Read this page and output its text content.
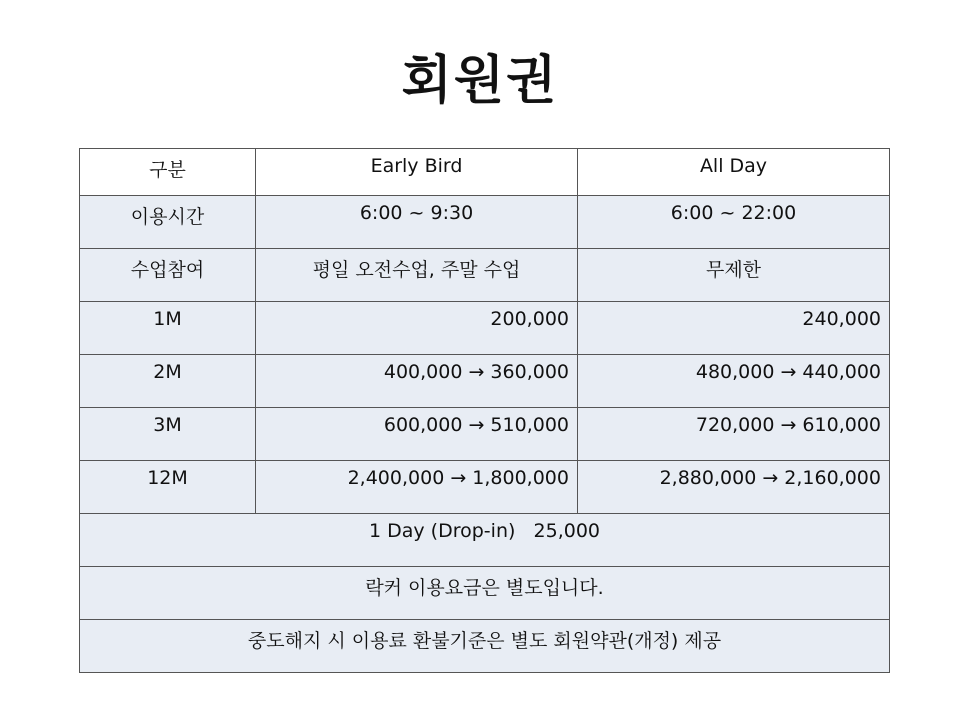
회원권
구분	Early Bird	All Day
이용시간	6:00 ~ 9:30	6:00 ~ 22:00
수업참여	평일 오전수업, 주말 수업	무제한
1M	200,000	240,000
2M	400,000 → 360,000	480,000 → 440,000
3M	600,000 → 510,000	720,000 → 610,000
12M	2,400,000 → 1,800,000	2,880,000 → 2,160,000
1 Day (Drop-in)   25,000		
락커 이용요금은 별도입니다.		
중도해지 시 이용료 환불기준은 별도 회원약관(개정) 제공		
